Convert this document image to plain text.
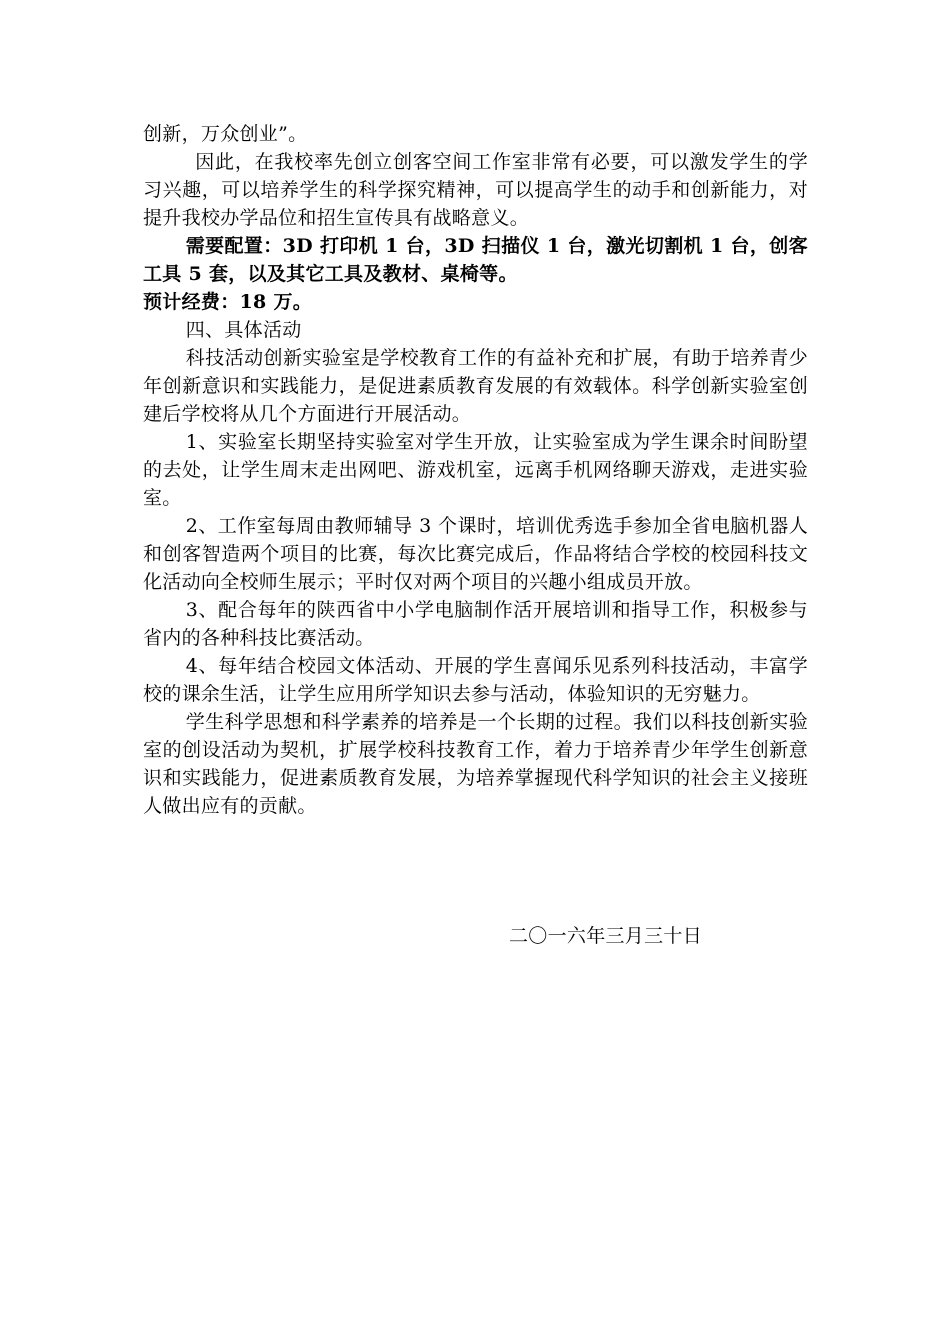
创新，万众创业”。

因此，在我校率先创立创客空间工作室非常有必要，可以激发学生的学习兴趣，可以培养学生的科学探究精神，可以提高学生的动手和创新能力，对提升我校办学品位和招生宣传具有战略意义。

需要配置：3D 打印机 1 台，3D 扫描仪 1 台，激光切割机 1 台，创客工具 5 套，以及其它工具及教材、桌椅等。

预计经费：18 万。

四、具体活动

科技活动创新实验室是学校教育工作的有益补充和扩展，有助于培养青少年创新意识和实践能力，是促进素质教育发展的有效载体。科学创新实验室创建后学校将从几个方面进行开展活动。

1、实验室长期坚持实验室对学生开放，让实验室成为学生课余时间盼望的去处，让学生周末走出网吧、游戏机室，远离手机网络聊天游戏，走进实验室。

2、工作室每周由教师辅导 3 个课时，培训优秀选手参加全省电脑机器人和创客智造两个项目的比赛，每次比赛完成后，作品将结合学校的校园科技文化活动向全校师生展示；平时仅对两个项目的兴趣小组成员开放。

3、配合每年的陕西省中小学电脑制作活开展培训和指导工作，积极参与省内的各种科技比赛活动。

4、每年结合校园文体活动、开展的学生喜闻乐见系列科技活动，丰富学校的课余生活，让学生应用所学知识去参与活动，体验知识的无穷魅力。

学生科学思想和科学素养的培养是一个长期的过程。我们以科技创新实验室的创设活动为契机，扩展学校科技教育工作，着力于培养青少年学生创新意识和实践能力，促进素质教育发展，为培养掌握现代科学知识的社会主义接班人做出应有的贡献。

二〇一六年三月三十日
